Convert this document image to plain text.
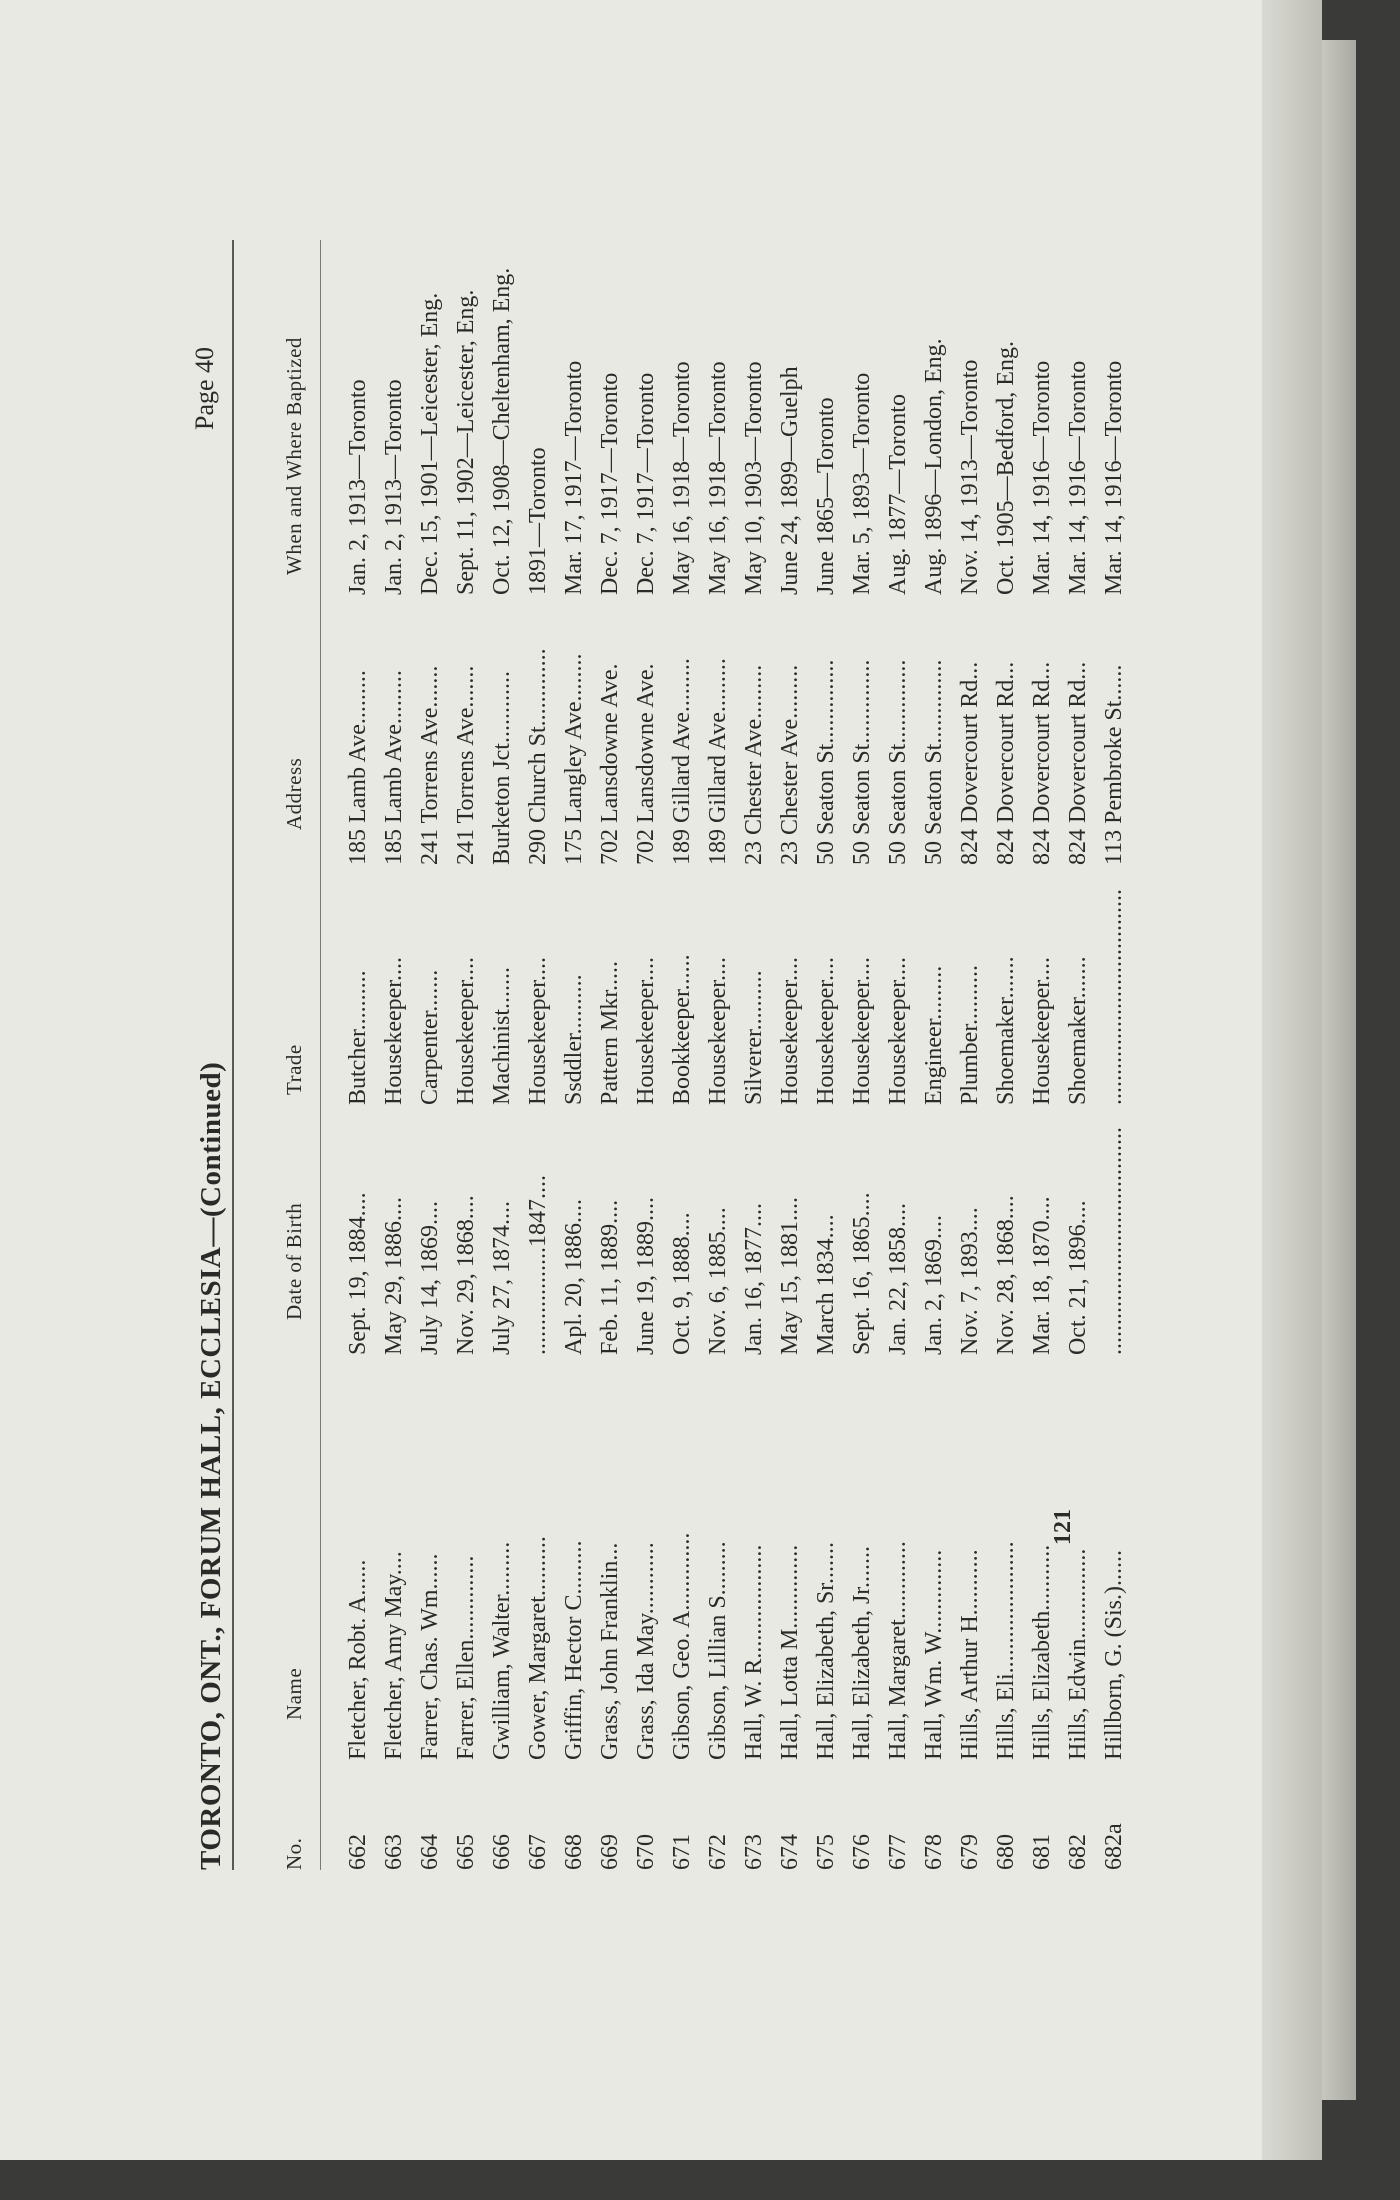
TORONTO, ONT., FORUM HALL, ECCLESIA—(Continued)
Page 40
No.
Name
Date of Birth
Trade
Address
When and Where Baptized
662
Fletcher, Robt. A......
Sept. 19, 1884....
Butcher..........
185 Lamb Ave.........
Jan. 2, 1913—Toronto
663
Fletcher, Amy May....
May 29, 1886....
Housekeeper....
185 Lamb Ave.........
Jan. 2, 1913—Toronto
664
Farrer, Chas. Wm......
July 14, 1869....
Carpenter.......
241 Torrens Ave.......
Dec. 15, 1901—Leicester, Eng.
665
Farrer, Ellen..............
Nov. 29, 1868....
Housekeeper....
241 Torrens Ave.......
Sept. 11, 1902—Leicester, Eng.
666
Gwilliam, Walter.........
July 27, 1874....
Machinist.......
Burketon Jct............
Oct. 12, 1908—Cheltenham, Eng.
667
Gower, Margaret..........
..................1847....
Housekeeper....
290 Church St.............
1891—Toronto
668
Griffin, Hector C.........
Apl. 20, 1886....
Ssddler..........
175 Langley Ave........
Mar. 17, 1917—Toronto
669
Grass, John Franklin...
Feb. 11, 1889....
Pattern Mkr.....
702 Lansdowne Ave.
Dec. 7, 1917—Toronto
670
Grass, Ida May............
June 19, 1889....
Housekeeper....
702 Lansdowne Ave.
Dec. 7, 1917—Toronto
671
Gibson, Geo. A.............
Oct. 9, 1888....
Bookkeeper......
189 Gillard Ave.........
May 16, 1918—Toronto
672
Gibson, Lillian S.........
Nov. 6, 1885....
Housekeeper....
189 Gillard Ave.........
May 16, 1918—Toronto
673
Hall, W. R...................
Jan. 16, 1877....
Silverer..........
23 Chester Ave.........
May 10, 1903—Toronto
674
Hall, Lotta M..............
May 15, 1881....
Housekeeper....
23 Chester Ave.........
June 24, 1899—Guelph
675
Hall, Elizabeth, Sr.......
March 1834....
Housekeeper....
50 Seaton St..............
June 1865—Toronto
676
Hall, Elizabeth, Jr.......
Sept. 16, 1865....
Housekeeper....
50 Seaton St..............
Mar. 5, 1893—Toronto
677
Hall, Margaret.............
Jan. 22, 1858....
Housekeeper....
50 Seaton St..............
Aug. 1877—Toronto
678
Hall, Wm. W..............
Jan. 2, 1869....
Engineer.........
50 Seaton St..............
Aug. 1896—London, Eng.
679
Hills, Arthur H...........
Nov. 7, 1893....
Plumber..........
824 Dovercourt Rd...
Nov. 14, 1913—Toronto
680
Hills, Eli......................
Nov. 28, 1868....
Shoemaker.......
824 Dovercourt Rd...
Oct. 1905—Bedford, Eng.
681
Hills, Elizabeth...........
Mar. 18, 1870....
Housekeeper....
824 Dovercourt Rd...
Mar. 14, 1916—Toronto
682
Hills, Edwin...............
Oct. 21, 1896....
Shoemaker.......
824 Dovercourt Rd...
Mar. 14, 1916—Toronto
682a
Hillborn, G. (Sis.)......
......................................
....................................
113 Pembroke St......
Mar. 14, 1916—Toronto
121
